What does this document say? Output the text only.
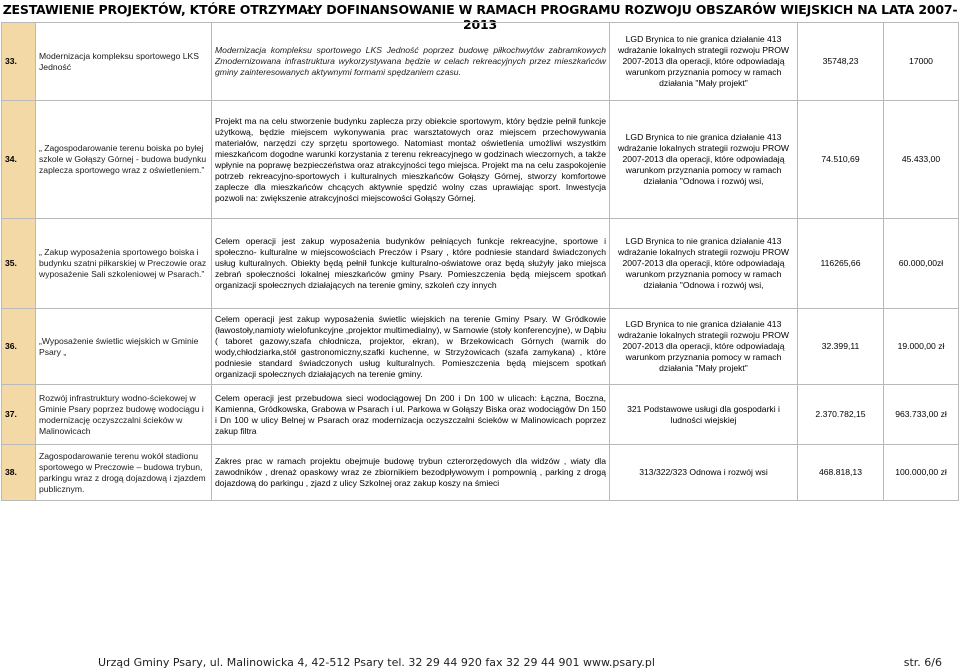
ZESTAWIENIE PROJEKTÓW, KTÓRE OTRZYMAŁY DOFINANSOWANIE W RAMACH PROGRAMU ROZWOJU OBSZARÓW WIEJSKICH NA LATA 2007-2013
33.	Modernizacja kompleksu sportowego LKS Jedność	Modernizacja kompleksu sportowego LKS Jedność poprzez budowę piłkochwytów zabramkowych Zmodernizowana infrastruktura wykorzystywana będzie w celach rekreacyjnych przez mieszkańców gminy zainteresowanych aktywnymi formami spędzaniem czasu.	LGD Brynica to nie granica działanie 413 wdrażanie lokalnych strategii rozwoju PROW 2007-2013 dla operacji, które odpowiadają warunkom przyznania pomocy w ramach działania "Mały projekt"	35748,23	17000
34.	„ Zagospodarowanie terenu boiska po byłej szkole w Gołąszy Górnej - budowa budynku zaplecza sportowego wraz z oświetleniem.”	Projekt ma na celu stworzenie budynku zaplecza przy obiekcie sportowym, który będzie pełnił funkcje użytkową, będzie miejscem wykonywania prac warsztatowych oraz miejscem przechowywania materiałów, narzędzi czy sprzętu sportowego. Natomiast montaż oświetlenia umożliwi wszystkim mieszkańcom dogodne warunki korzystania z terenu rekreacyjnego w godzinach wieczornych, a także wpłynie na poprawę bezpieczeństwa oraz atrakcyjności tego miejsca. Projekt ma na celu zaspokojenie potrzeb rekreacyjno-sportowych i kulturalnych mieszkańców Gołąszy Górnej, stworzy komfortowe zaplecze dla mieszkańców chcących aktywnie spędzić wolny czas uprawiając sport. Inwestycja pozwoli na: zwiększenie atrakcyjności miejscowości Gołąszy Górnej.	LGD Brynica to nie granica działanie 413 wdrażanie lokalnych strategii rozwoju PROW 2007-2013 dla operacji, które odpowiadają warunkom przyznania pomocy w ramach działania "Odnowa i rozwój wsi,	74.510,69	45.433,00
35.	„ Zakup wyposażenia sportowego boiska i budynku szatni piłkarskiej w Preczowie oraz wyposażenie Sali szkoleniowej w Psarach.”	Celem operacji jest zakup wyposażenia budynków pełniących funkcje rekreacyjne, sportowe i społeczno- kulturalne w miejscowościach Preczów i Psary , które podniesie standard świadczonych usług kulturalnych. Obiekty będą pełnił funkcje kulturalno-oświatowe oraz będą służyły jako miejsca zebrań społeczności lokalnej mieszkańców gminy Psary. Pomieszczenia będą miejscem spotkań organizacji społecznych działających na terenie gminy, szkoleń czy innych	LGD Brynica to nie granica działanie 413 wdrażanie lokalnych strategii rozwoju PROW 2007-2013 dla operacji, które odpowiadają warunkom przyznania pomocy w ramach działania "Odnowa i rozwój wsi,	116265,66	60.000,00zł
36.	„Wyposażenie świetlic wiejskich w Gminie Psary „	Celem operacji jest zakup wyposażenia świetlic wiejskich na terenie Gminy Psary. W Gródkowie (ławostoły,namioty wielofunkcyjne ,projektor multimedialny), w Sarnowie (stoły konferencyjne), w Dąbiu ( taboret gazowy,szafa chłodnicza, projektor, ekran), w Brzekowicach Górnych (warnik do wody,chłodziarka,stół gastronomiczny,szafki kuchenne, w Strzyżowicach (szafa zamykana) , które podniesie standard świadczonych usług kulturalnych. Pomieszczenia będą miejscem spotkań organizacji społecznych działających na terenie gminy.	LGD Brynica to nie granica działanie 413 wdrażanie lokalnych strategii rozwoju PROW 2007-2013 dla operacji, które odpowiadają warunkom przyznania pomocy w ramach działania "Mały projekt"	32.399,11	19.000,00 zł
37.	Rozwój infrastruktury wodno-ściekowej w Gminie Psary poprzez budowę wodociągu i modernizację oczyszczalni ścieków w Malinowicach	Celem operacji jest przebudowa sieci wodociągowej Dn 200 i Dn 100 w ulicach: Łączna, Boczna, Kamienna, Gródkowska, Grabowa w Psarach i ul. Parkowa w Gołąszy Biska oraz wodociągów Dn 150 i Dn 100 w ulicy Belnej w Psarach oraz modernizacja oczyszczalni ścieków w Malinowicach poprzez zakup filtra	321 Podstawowe usługi dla gospodarki i ludności wiejskiej	2.370.782,15	963.733,00 zł
38.	Zagospodarowanie terenu wokół stadionu sportowego w Preczowie – budowa trybun, parkingu wraz z drogą dojazdową i zjazdem publicznym.	Zakres prac w ramach projektu obejmuje budowę trybun czterorzędowych dla widzów , wiaty dla zawodników , drenaż opaskowy wraz ze zbiornikiem bezodpływowym i pompownią , parking z drogą dojazdową do parkingu , zjazd z ulicy Szkolnej oraz zakup koszy na śmieci	313/322/323 Odnowa i rozwój wsi	468.818,13	100.000,00 zł
Urząd Gminy Psary, ul. Malinowicka 4, 42-512 Psary tel. 32 29 44 920 fax 32 29 44 901 www.psary.pl	str. 6/6
